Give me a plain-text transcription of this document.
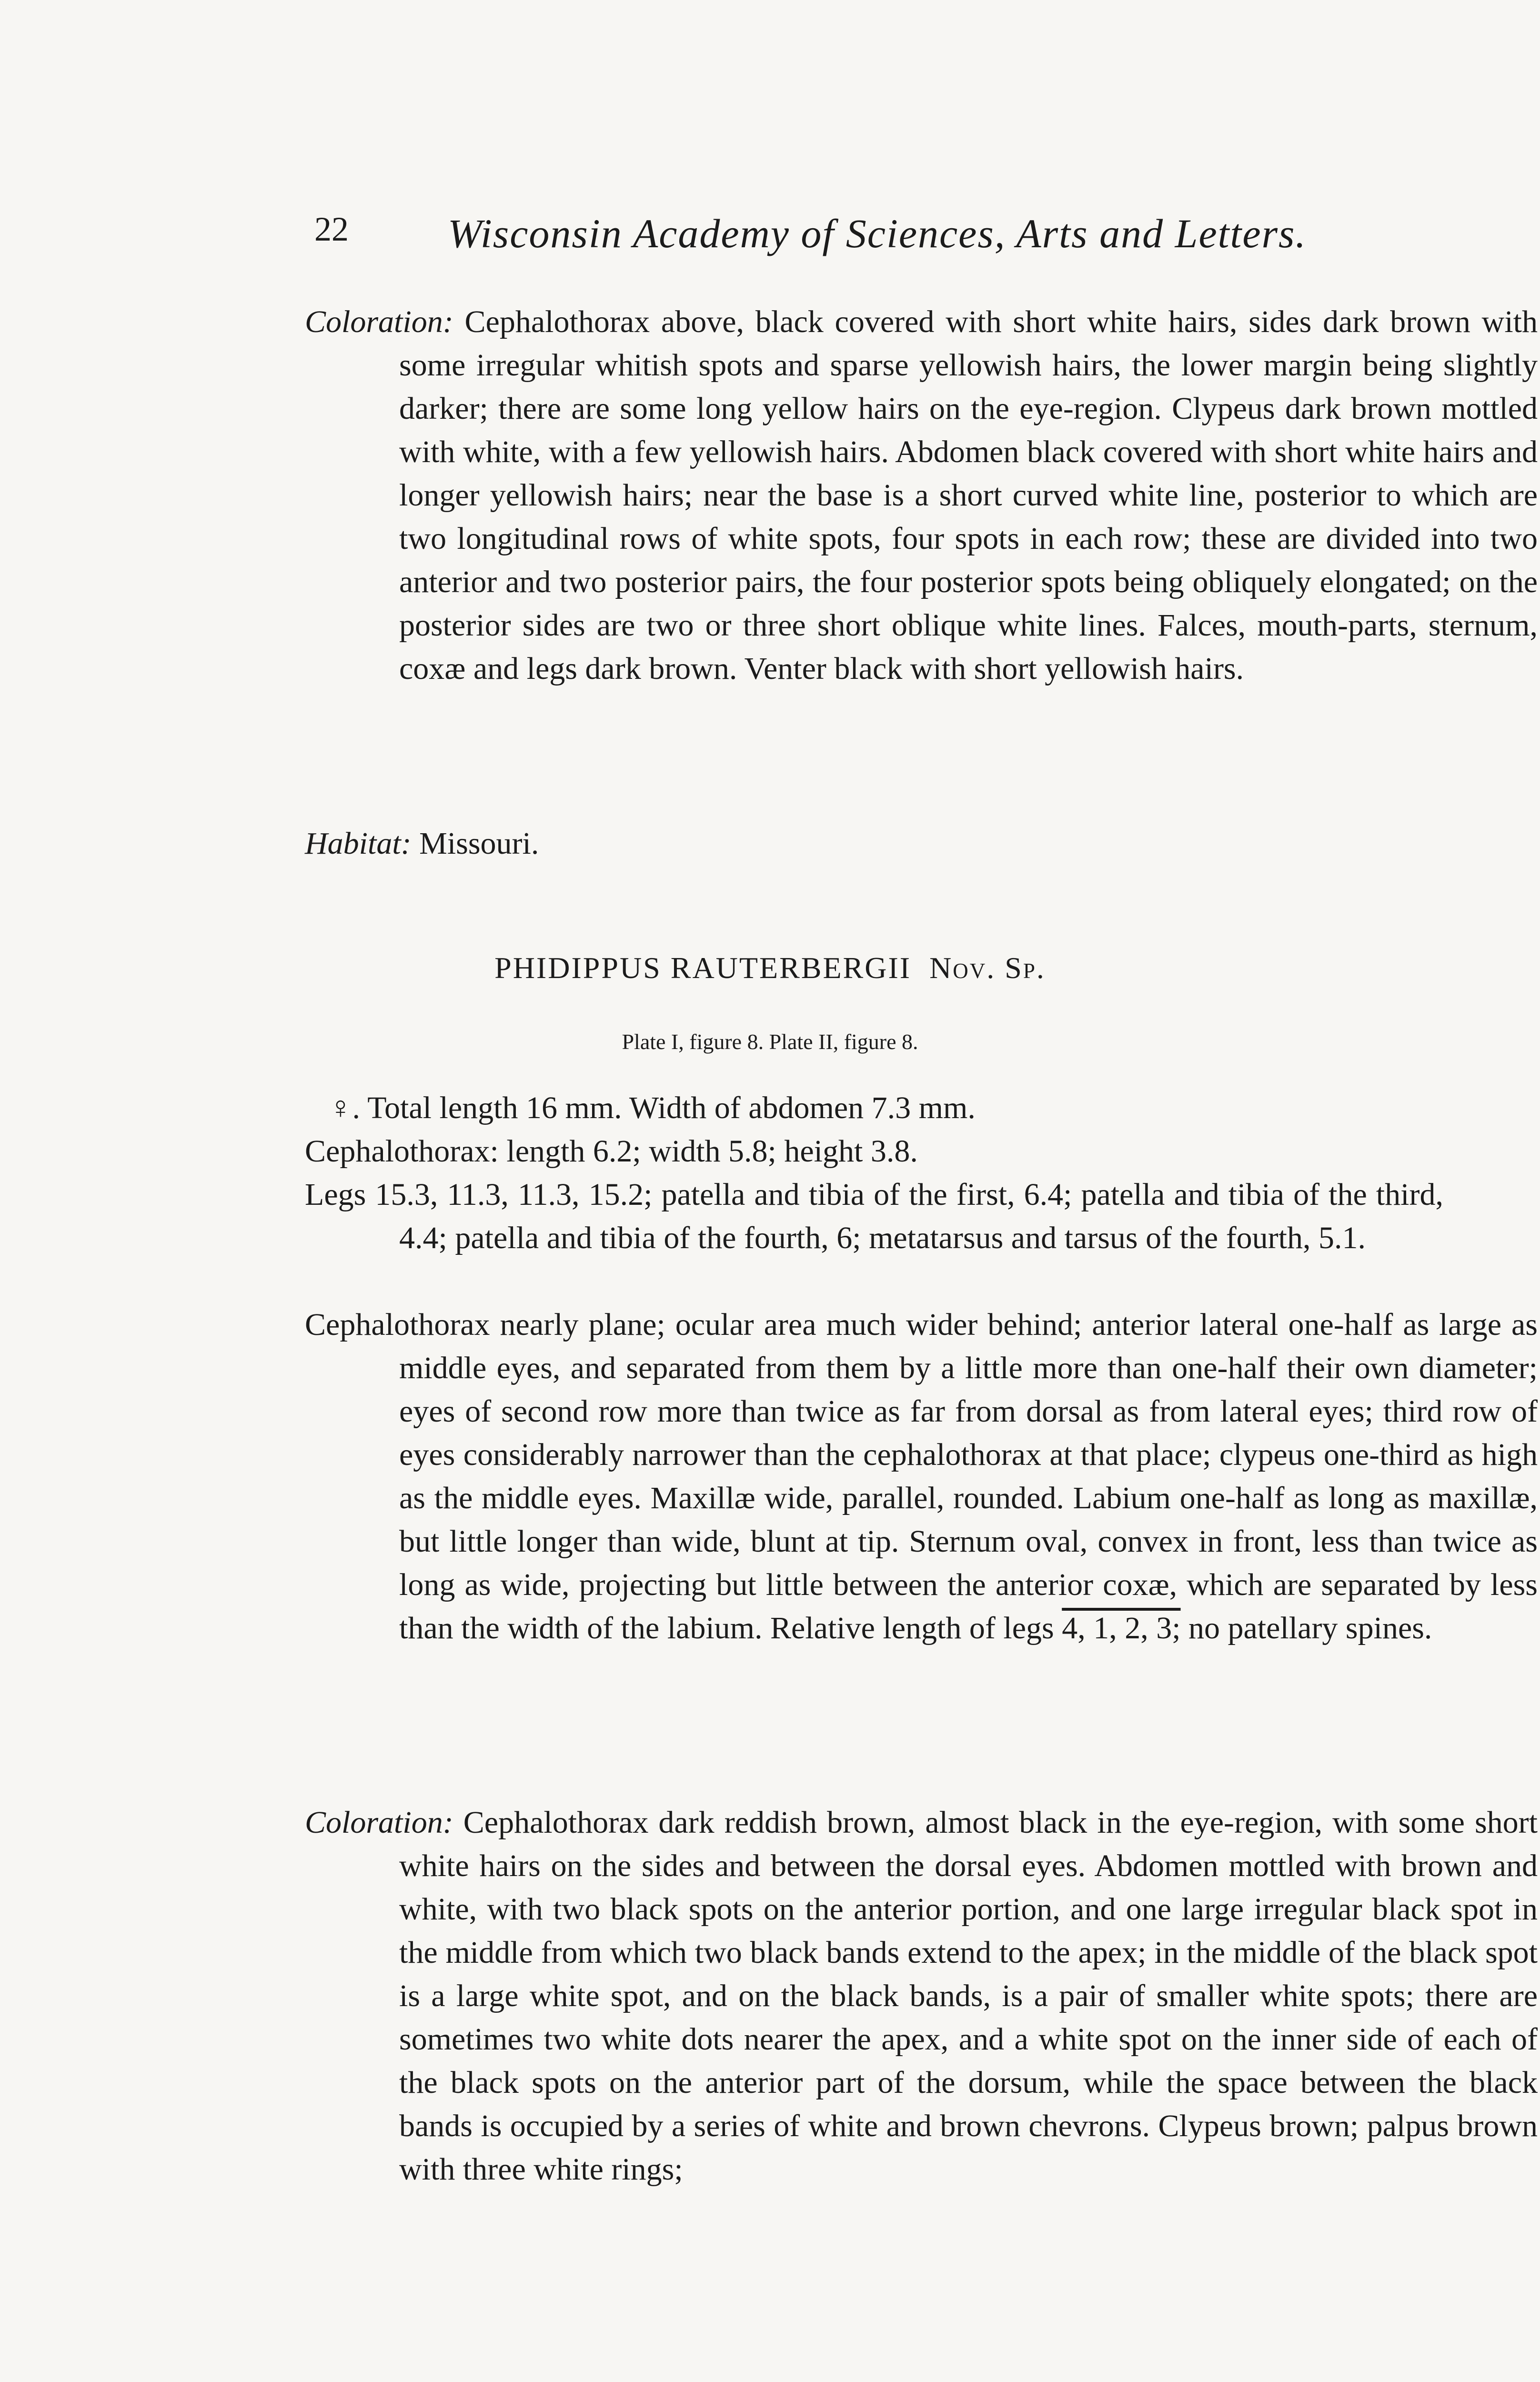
22 Wisconsin Academy of Sciences, Arts and Letters.

Coloration: Cephalothorax above, black covered with short white hairs, sides dark brown with some irregular whitish spots and sparse yellowish hairs, the lower margin being slightly darker; there are some long yellow hairs on the eye-region. Clypeus dark brown mottled with white, with a few yellowish hairs. Abdomen black covered with short white hairs and longer yellowish hairs; near the base is a short curved white line, posterior to which are two longitudinal rows of white spots, four spots in each row; these are divided into two anterior and two posterior pairs, the four posterior spots being obliquely elongated; on the posterior sides are two or three short oblique white lines. Falces, mouth-parts, sternum, coxæ and legs dark brown. Venter black with short yellowish hairs.

Habitat: Missouri.
PHIDIPPUS RAUTERBERGII Nov. Sp.
Plate I, figure 8. Plate II, figure 8.

♀. Total length 16 mm. Width of abdomen 7.3 mm.

Cephalothorax: length 6.2; width 5.8; height 3.8.

Legs 15.3, 11.3, 11.3, 15.2; patella and tibia of the first, 6.4; patella and tibia of the third, 4.4; patella and tibia of the fourth, 6; metatarsus and tarsus of the fourth, 5.1.

Cephalothorax nearly plane; ocular area much wider behind; anterior lateral one-half as large as middle eyes, and separated from them by a little more than one-half their own diameter; eyes of second row more than twice as far from dorsal as from lateral eyes; third row of eyes considerably narrower than the cephalothorax at that place; clypeus one-third as high as the middle eyes. Maxillæ wide, parallel, rounded. Labium one-half as long as maxillæ, but little longer than wide, blunt at tip. Sternum oval, convex in front, less than twice as long as wide, projecting but little between the anterior coxæ, which are separated by less than the width of the labium. Relative length of legs 4, 1, 2, 3; no patellary spines.

Coloration: Cephalothorax dark reddish brown, almost black in the eye-region, with some short white hairs on the sides and between the dorsal eyes. Abdomen mottled with brown and white, with two black spots on the anterior portion, and one large irregular black spot in the middle from which two black bands extend to the apex; in the middle of the black spot is a large white spot, and on the black bands, is a pair of smaller white spots; there are sometimes two white dots nearer the apex, and a white spot on the inner side of each of the black spots on the anterior part of the dorsum, while the space between the black bands is occupied by a series of white and brown chevrons. Clypeus brown; palpus brown with three white rings;
